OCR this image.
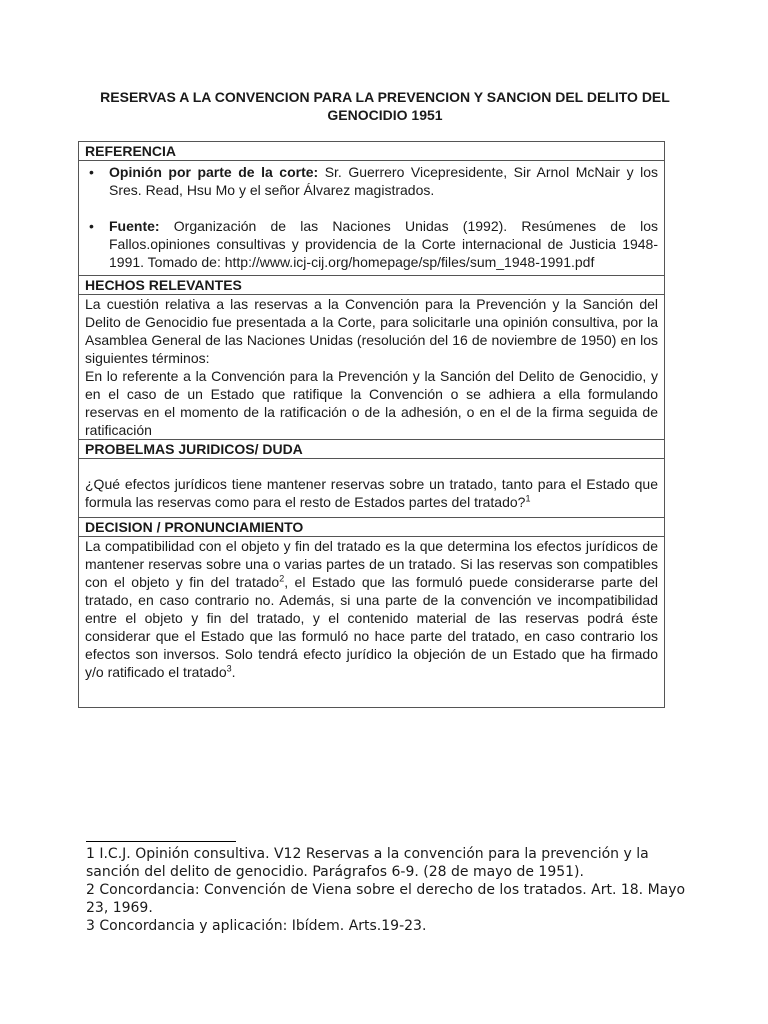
RESERVAS A LA CONVENCION PARA LA PREVENCION Y SANCION DEL DELITO DEL GENOCIDIO 1951
REFERENCIA

• Opinión por parte de la corte: Sr. Guerrero Vicepresidente, Sir Arnol McNair y los Sres. Read, Hsu Mo y el señor Álvarez magistrados.
• Fuente: Organización de las Naciones Unidas (1992). Resúmenes de los Fallos.opiniones consultivas y providencia de la Corte internacional de Justicia 1948-1991. Tomado de: http://www.icj-cij.org/homepage/sp/files/sum_1948-1991.pdf

HECHOS RELEVANTES

La cuestión relativa a las reservas a la Convención para la Prevención y la Sanción del Delito de Genocidio fue presentada a la Corte, para solicitarle una opinión consultiva, por la Asamblea General de las Naciones Unidas (resolución del 16 de noviembre de 1950) en los siguientes términos:
En lo referente a la Convención para la Prevención y la Sanción del Delito de Genocidio, y en el caso de un Estado que ratifique la Convención o se adhiera a ella formulando reservas en el momento de la ratificación o de la adhesión, o en el de la firma seguida de ratificación

PROBELMAS JURIDICOS/ DUDA
¿Qué efectos jurídicos tiene mantener reservas sobre un tratado, tanto para el Estado que formula las reservas como para el resto de Estados partes del tratado?$^1$
DECISION / PRONUNCIAMIENTO
La compatibilidad con el objeto y fin del tratado es la que determina los efectos jurídicos de mantener reservas sobre una o varias partes de un tratado. Si las reservas son compatibles con el objeto y fin del tratado$^2$, el Estado que las formuló puede considerarse parte del tratado, en caso contrario no. Además, si una parte de la convención ve incompatibilidad entre el objeto y fin del tratado, y el contenido material de las reservas podrá éste considerar que el Estado que las formuló no hace parte del tratado, en caso contrario los efectos son inversos. Solo tendrá efecto jurídico la objeción de un Estado que ha firmado y/o ratificado el tratado$^3$.

1 I.C.J. Opinión consultiva. V12 Reservas a la convención para la prevención y la sanción del delito de genocidio. Parágrafos 6-9. (28 de mayo de 1951).

2 Concordancia: Convención de Viena sobre el derecho de los tratados. Art. 18. Mayo 23, 1969.

3 Concordancia y aplicación: Ibídem. Arts.19-23.
